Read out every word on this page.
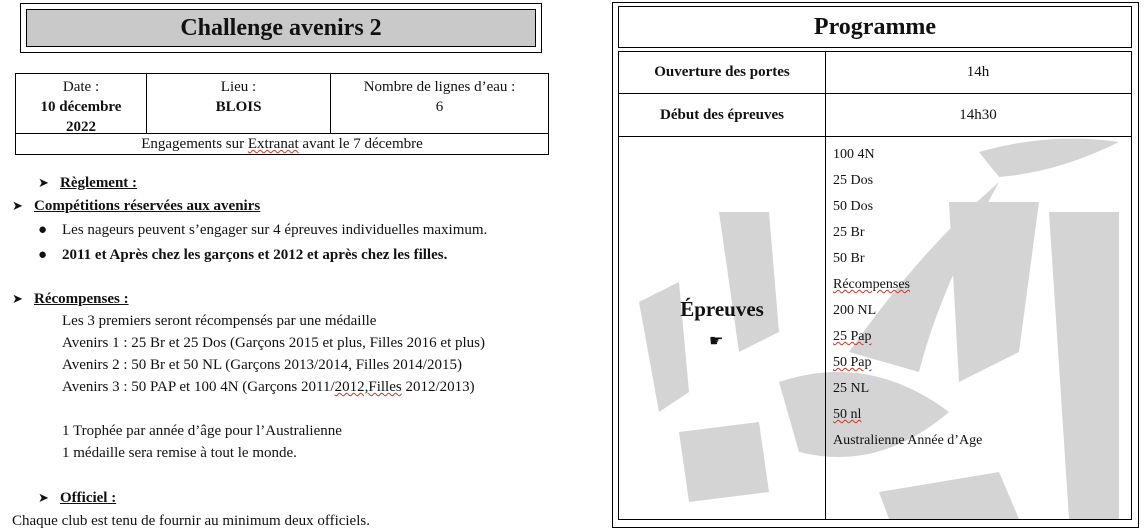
Challenge avenirs 2
Date :
10 décembre
2022
Lieu :
BLOIS
Nombre de lignes d’eau :
6
Engagements sur Extranat avant le 7 décembre
➤ Règlement :
➤ Compétitions réservées aux avenirs
● Les nageurs peuvent s’engager sur 4 épreuves individuelles maximum.
● 2011 et Après chez les garçons et 2012 et après chez les filles.
➤ Récompenses :
Les 3 premiers seront récompensés par une médaille
Avenirs 1 : 25 Br et 25 Dos (Garçons 2015 et plus, Filles 2016 et plus)
Avenirs 2 : 50 Br et 50 NL (Garçons 2013/2014, Filles 2014/2015)
Avenirs 3 : 50 PAP et 100 4N (Garçons 2011/2012,Filles 2012/2013)
1 Trophée par année d’âge pour l’Australienne
1 médaille sera remise à tout le monde.
➤ Officiel :
Chaque club est tenu de fournir au minimum deux officiels.
Programme
Ouverture des portes	14h
Début des épreuves	14h30
Épreuves
☛
100 4N
25 Dos
50 Dos
25 Br
50 Br
Récompenses
200 NL
25 Pap
50 Pap
25 NL
50 nl
Australienne Année d’Age
